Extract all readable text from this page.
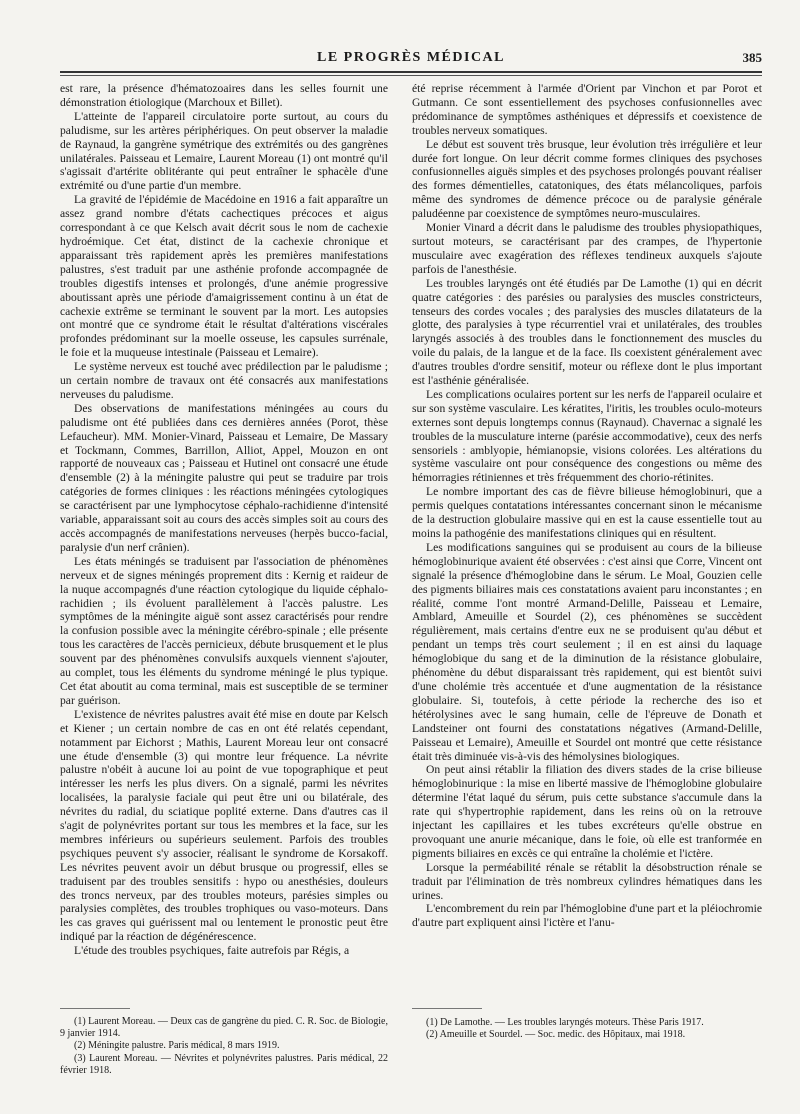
LE PROGRÈS MÉDICAL	385

est rare, la présence d'hématozoaires dans les selles fournit une démonstration étiologique (Marchoux et Billet).

L'atteinte de l'appareil circulatoire porte surtout, au cours du paludisme, sur les artères périphériques. On peut observer la maladie de Raynaud, la gangrène symétrique des extrémités ou des gangrènes unilatérales. Paisseau et Lemaire, Laurent Moreau (1) ont montré qu'il s'agissait d'artérite oblitérante qui peut entraîner le sphacèle d'une extrémité ou d'une partie d'un membre.

La gravité de l'épidémie de Macédoine en 1916 a fait apparaître un assez grand nombre d'états cachectiques précoces et aigus correspondant à ce que Kelsch avait décrit sous le nom de cachexie hydroémique. Cet état, distinct de la cachexie chronique et apparaissant très rapidement après les premières manifestations palustres, s'est traduit par une asthénie profonde accompagnée de troubles digestifs intenses et prolongés, d'une anémie progressive aboutissant après une période d'amaigrissement continu à un état de cachexie extrême se terminant le souvent par la mort. Les autopsies ont montré que ce syndrome était le résultat d'altérations viscérales profondes prédominant sur la moelle osseuse, les capsules surrénale, le foie et la muqueuse intestinale (Paisseau et Lemaire).

Le système nerveux est touché avec prédilection par le paludisme ; un certain nombre de travaux ont été consacrés aux manifestations nerveuses du paludisme.

Des observations de manifestations méningées au cours du paludisme ont été publiées dans ces dernières années (Porot, thèse Lefaucheur). MM. Monier-Vinard, Paisseau et Lemaire, De Massary et Tockmann, Commes, Barrillon, Alliot, Appel, Mouzon en ont rapporté de nouveaux cas ; Paisseau et Hutinel ont consacré une étude d'ensemble (2) à la méningite palustre qui peut se traduire par trois catégories de formes cliniques : les réactions méningées cytologiques se caractérisent par une lymphocytose céphalo-rachidienne d'intensité variable, apparaissant soit au cours des accès simples soit au cours des accès accompagnés de manifestations nerveuses (herpès bucco-facial, paralysie d'un nerf crânien).

Les états méningés se traduisent par l'association de phénomènes nerveux et de signes méningés proprement dits : Kernig et raideur de la nuque accompagnés d'une réaction cytologique du liquide céphalo-rachidien ; ils évoluent parallèlement à l'accès palustre. Les symptômes de la méningite aiguë sont assez caractérisés pour rendre la confusion possible avec la méningite cérébro-spinale ; elle présente tous les caractères de l'accès pernicieux, débute brusquement et le plus souvent par des phénomènes convulsifs auxquels viennent s'ajouter, au complet, tous les éléments du syndrome méningé le plus typique. Cet état aboutit au coma terminal, mais est susceptible de se terminer par guérison.

L'existence de névrites palustres avait été mise en doute par Kelsch et Kiener ; un certain nombre de cas en ont été relatés cependant, notamment par Eichorst ; Mathis, Laurent Moreau leur ont consacré une étude d'ensemble (3) qui montre leur fréquence. La névrite palustre n'obéit à aucune loi au point de vue topographique et peut intéresser les nerfs les plus divers. On a signalé, parmi les névrites localisées, la paralysie faciale qui peut être uni ou bilatérale, des névrites du radial, du sciatique poplité externe. Dans d'autres cas il s'agit de polynévrites portant sur tous les membres et la face, sur les membres inférieurs ou supérieurs seulement. Parfois des troubles psychiques peuvent s'y associer, réalisant le syndrome de Korsakoff. Les névrites peuvent avoir un début brusque ou progressif, elles se traduisent par des troubles sensitifs : hypo ou anesthésies, douleurs des troncs nerveux, par des troubles moteurs, parésies simples ou paralysies complètes, des troubles trophiques ou vaso-moteurs. Dans les cas graves qui guérissent mal ou lentement le pronostic peut être indiqué par la réaction de dégénérescence.

L'étude des troubles psychiques, faite autrefois par Régis, a

été reprise récemment à l'armée d'Orient par Vinchon et par Porot et Gutmann. Ce sont essentiellement des psychoses confusionnelles avec prédominance de symptômes asthéniques et dépressifs et coexistence de troubles nerveux somatiques.

Le début est souvent très brusque, leur évolution très irrégulière et leur durée fort longue. On leur décrit comme formes cliniques des psychoses confusionnelles aiguës simples et des psychoses prolongés pouvant réaliser des formes démentielles, catatoniques, des états mélancoliques, parfois même des syndromes de démence précoce ou de paralysie générale paludéenne par coexistence de symptômes neuro-musculaires.

Monier Vinard a décrit dans le paludisme des troubles physiopathiques, surtout moteurs, se caractérisant par des crampes, de l'hypertonie musculaire avec exagération des réflexes tendineux auxquels s'ajoute parfois de l'anesthésie.

Les troubles laryngés ont été étudiés par De Lamothe (1) qui en décrit quatre catégories : des parésies ou paralysies des muscles constricteurs, tenseurs des cordes vocales ; des paralysies des muscles dilatateurs de la glotte, des paralysies à type récurrentiel vrai et unilatérales, des troubles laryngés associés à des troubles dans le fonctionnement des muscles du voile du palais, de la langue et de la face. Ils coexistent généralement avec d'autres troubles d'ordre sensitif, moteur ou réflexe dont le plus important est l'asthénie généralisée.

Les complications oculaires portent sur les nerfs de l'appareil oculaire et sur son système vasculaire. Les kératites, l'iritis, les troubles oculo-moteurs externes sont depuis longtemps connus (Raynaud). Chavernac a signalé les troubles de la musculature interne (parésie accommodative), ceux des nerfs sensoriels : amblyopie, hémianopsie, visions colorées. Les altérations du système vasculaire ont pour conséquence des congestions ou même des hémorragies rétiniennes et très fréquemment des chorio-rétinites.

Le nombre important des cas de fièvre bilieuse hémoglobinuri, que a permis quelques contatations intéressantes concernant sinon le mécanisme de la destruction globulaire massive qui en est la cause essentielle tout au moins la pathogénie des manifestations cliniques qui en résultent.

Les modifications sanguines qui se produisent au cours de la bilieuse hémoglobinurique avaient été observées : c'est ainsi que Corre, Vincent ont signalé la présence d'hémoglobine dans le sérum. Le Moal, Gouzien celle des pigments biliaires mais ces constatations avaient paru inconstantes ; en réalité, comme l'ont montré Armand-Delille, Paisseau et Lemaire, Amblard, Ameuille et Sourdel (2), ces phénomènes se succèdent régulièrement, mais certains d'entre eux ne se produisent qu'au début et pendant un temps très court seulement ; il en est ainsi du laquage hémoglobique du sang et de la diminution de la résistance globulaire, phénomène du début disparaissant très rapidement, qui est bientôt suivi d'une cholémie très accentuée et d'une augmentation de la résistance globulaire. Si, toutefois, à cette période la recherche des iso et hétérolysines avec le sang humain, celle de l'épreuve de Donath et Landsteiner ont fourni des constatations négatives (Armand-Delille, Paisseau et Lemaire), Ameuille et Sourdel ont montré que cette résistance était très diminuée vis-à-vis des hémolysines biologiques.

On peut ainsi rétablir la filiation des divers stades de la crise bilieuse hémoglobinurique : la mise en liberté massive de l'hémoglobine globulaire détermine l'état laqué du sérum, puis cette substance s'accumule dans la rate qui s'hypertrophie rapidement, dans les reins où on la retrouve injectant les capillaires et les tubes excréteurs qu'elle obstrue en provoquant une anurie mécanique, dans le foie, où elle est tranformée en pigments biliaires en excès ce qui entraîne la cholémie et l'ictère.

Lorsque la perméabilité rénale se rétablit la désobstruction rénale se traduit par l'élimination de très nombreux cylindres hématiques dans les urines.

L'encombrement du rein par l'hémoglobine d'une part et la pléiochromie d'autre part expliquent ainsi l'ictère et l'anu-

(1) Laurent Moreau. — Deux cas de gangrène du pied. C. R. Soc. de Biologie, 9 janvier 1914.

(2) Méningite palustre. Paris médical, 8 mars 1919.

(3) Laurent Moreau. — Névrites et polynévrites palustres. Paris médical, 22 février 1918.

(1) De Lamothe. — Les troubles laryngés moteurs. Thèse Paris 1917.

(2) Ameuille et Sourdel. — Soc. medic. des Hôpitaux, mai 1918.
